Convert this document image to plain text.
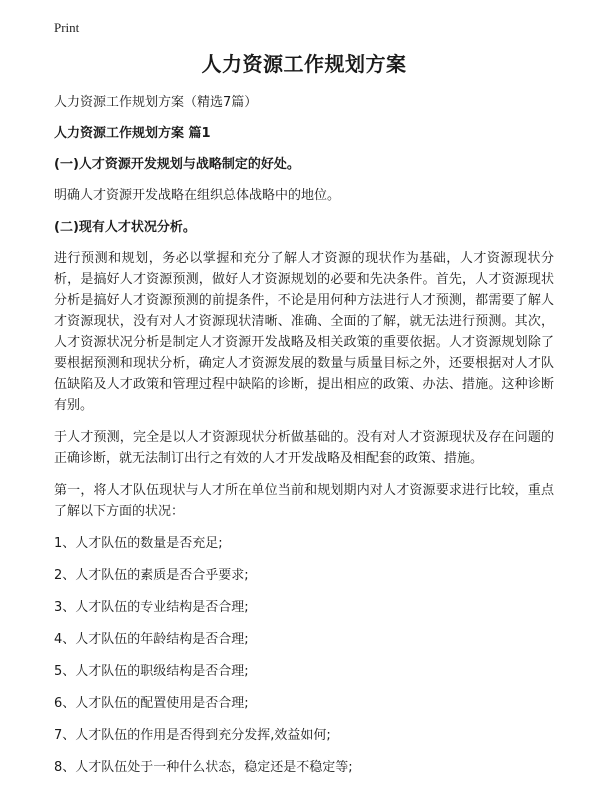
Print
人力资源工作规划方案

人力资源工作规划方案（精选7篇）

人力资源工作规划方案 篇1

(一)人才资源开发规划与战略制定的好处。

明确人才资源开发战略在组织总体战略中的地位。

(二)现有人才状况分析。

进行预测和规划，务必以掌握和充分了解人才资源的现状作为基础，人才资源现状分析，是搞好人才资源预测，做好人才资源规划的必要和先决条件。首先，人才资源现状分析是搞好人才资源预测的前提条件，不论是用何种方法进行人才预测，都需要了解人才资源现状，没有对人才资源现状清晰、准确、全面的了解，就无法进行预测。其次，人才资源状况分析是制定人才资源开发战略及相关政策的重要依据。人才资源规划除了要根据预测和现状分析，确定人才资源发展的数量与质量目标之外，还要根据对人才队伍缺陷及人才政策和管理过程中缺陷的诊断，提出相应的政策、办法、措施。这种诊断有别。

于人才预测，完全是以人才资源现状分析做基础的。没有对人才资源现状及存在问题的正确诊断，就无法制订出行之有效的人才开发战略及相配套的政策、措施。

第一，将人才队伍现状与人才所在单位当前和规划期内对人才资源要求进行比较，重点了解以下方面的状况：

1、人才队伍的数量是否充足;
2、人才队伍的素质是否合乎要求;
3、人才队伍的专业结构是否合理;
4、人才队伍的年龄结构是否合理;
5、人才队伍的职级结构是否合理;
6、人才队伍的配置使用是否合理;
7、人才队伍的作用是否得到充分发挥,效益如何;
8、人才队伍处于一种什么状态，稳定还是不稳定等;
